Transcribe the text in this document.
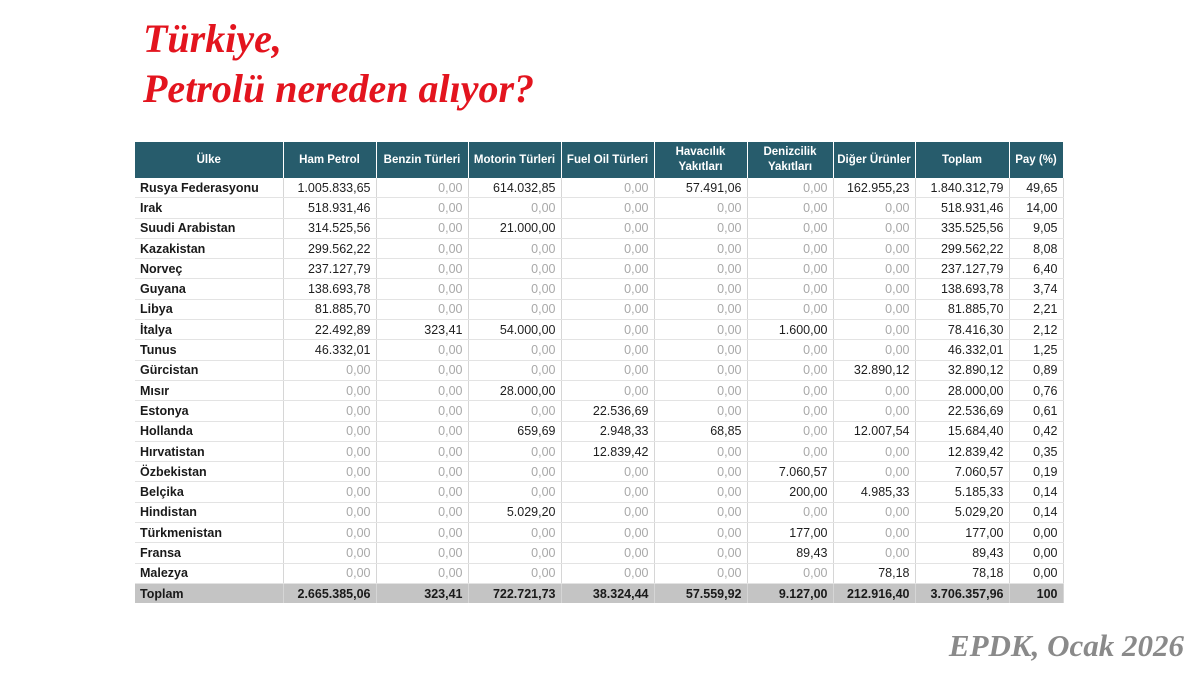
Türkiye,
Petrolü nereden alıyor?
Ülke	Ham Petrol	Benzin Türleri	Motorin Türleri	Fuel Oil Türleri	Havacılık Yakıtları	Denizcilik Yakıtları	Diğer Ürünler	Toplam	Pay (%)
Rusya Federasyonu	1.005.833,65	0,00	614.032,85	0,00	57.491,06	0,00	162.955,23	1.840.312,79	49,65
Irak	518.931,46	0,00	0,00	0,00	0,00	0,00	0,00	518.931,46	14,00
Suudi Arabistan	314.525,56	0,00	21.000,00	0,00	0,00	0,00	0,00	335.525,56	9,05
Kazakistan	299.562,22	0,00	0,00	0,00	0,00	0,00	0,00	299.562,22	8,08
Norveç	237.127,79	0,00	0,00	0,00	0,00	0,00	0,00	237.127,79	6,40
Guyana	138.693,78	0,00	0,00	0,00	0,00	0,00	0,00	138.693,78	3,74
Libya	81.885,70	0,00	0,00	0,00	0,00	0,00	0,00	81.885,70	2,21
İtalya	22.492,89	323,41	54.000,00	0,00	0,00	1.600,00	0,00	78.416,30	2,12
Tunus	46.332,01	0,00	0,00	0,00	0,00	0,00	0,00	46.332,01	1,25
Gürcistan	0,00	0,00	0,00	0,00	0,00	0,00	32.890,12	32.890,12	0,89
Mısır	0,00	0,00	28.000,00	0,00	0,00	0,00	0,00	28.000,00	0,76
Estonya	0,00	0,00	0,00	22.536,69	0,00	0,00	0,00	22.536,69	0,61
Hollanda	0,00	0,00	659,69	2.948,33	68,85	0,00	12.007,54	15.684,40	0,42
Hırvatistan	0,00	0,00	0,00	12.839,42	0,00	0,00	0,00	12.839,42	0,35
Özbekistan	0,00	0,00	0,00	0,00	0,00	7.060,57	0,00	7.060,57	0,19
Belçika	0,00	0,00	0,00	0,00	0,00	200,00	4.985,33	5.185,33	0,14
Hindistan	0,00	0,00	5.029,20	0,00	0,00	0,00	0,00	5.029,20	0,14
Türkmenistan	0,00	0,00	0,00	0,00	0,00	177,00	0,00	177,00	0,00
Fransa	0,00	0,00	0,00	0,00	0,00	89,43	0,00	89,43	0,00
Malezya	0,00	0,00	0,00	0,00	0,00	0,00	78,18	78,18	0,00
Toplam	2.665.385,06	323,41	722.721,73	38.324,44	57.559,92	9.127,00	212.916,40	3.706.357,96	100
EPDK, Ocak 2026
